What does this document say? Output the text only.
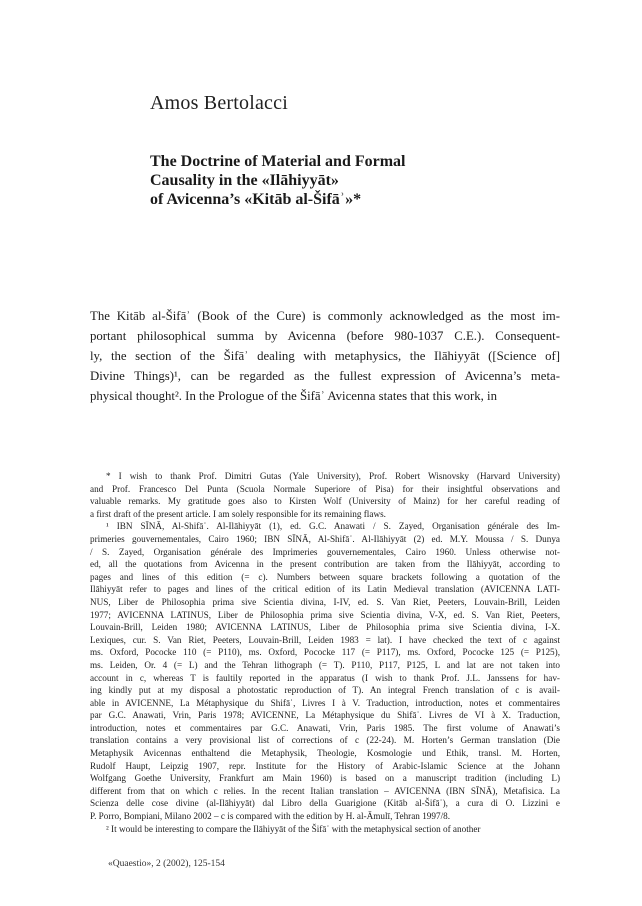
Amos Bertolacci
The Doctrine of Material and Formal
Causality in the «Ilāhiyyāt»
of Avicenna’s «Kitāb al-Šifāʾ»*
The Kitāb al-Šifāʾ (Book of the Cure) is commonly acknowledged as the most im-
portant philosophical summa by Avicenna (before 980-1037 C.E.). Consequent-
ly, the section of the Šifāʾ dealing with metaphysics, the Ilāhiyyāt ([Science of]
Divine Things)¹, can be regarded as the fullest expression of Avicenna’s meta-
physical thought². In the Prologue of the Šifāʾ Avicenna states that this work, in
* I wish to thank Prof. Dimitri Gutas (Yale University), Prof. Robert Wisnovsky (Harvard University)
and Prof. Francesco Del Punta (Scuola Normale Superiore of Pisa) for their insightful observations and
valuable remarks. My gratitude goes also to Kirsten Wolf (University of Mainz) for her careful reading of
a first draft of the present article. I am solely responsible for its remaining flaws.
¹ IBN SĪNĀ, Al-Shifāʾ. Al-Ilāhiyyāt (1), ed. G.C. Anawati / S. Zayed, Organisation générale des Im-
primeries gouvernementales, Cairo 1960; IBN SĪNĀ, Al-Shifāʾ. Al-Ilāhiyyāt (2) ed. M.Y. Moussa / S. Dunya
/ S. Zayed, Organisation générale des Imprimeries gouvernementales, Cairo 1960. Unless otherwise not-
ed, all the quotations from Avicenna in the present contribution are taken from the Ilāhiyyāt, according to
pages and lines of this edition (= c). Numbers between square brackets following a quotation of the
Ilāhiyyāt refer to pages and lines of the critical edition of its Latin Medieval translation (AVICENNA LATI-
NUS, Liber de Philosophia prima sive Scientia divina, I-IV, ed. S. Van Riet, Peeters, Louvain-Brill, Leiden
1977; AVICENNA LATINUS, Liber de Philosophia prima sive Scientia divina, V-X, ed. S. Van Riet, Peeters,
Louvain-Brill, Leiden 1980; AVICENNA LATINUS, Liber de Philosophia prima sive Scientia divina, I-X.
Lexiques, cur. S. Van Riet, Peeters, Louvain-Brill, Leiden 1983 = lat). I have checked the text of c against
ms. Oxford, Pococke 110 (= P110), ms. Oxford, Pococke 117 (= P117), ms. Oxford, Pococke 125 (= P125),
ms. Leiden, Or. 4 (= L) and the Tehran lithograph (= T). P110, P117, P125, L and lat are not taken into
account in c, whereas T is faultily reported in the apparatus (I wish to thank Prof. J.L. Janssens for hav-
ing kindly put at my disposal a photostatic reproduction of T). An integral French translation of c is avail-
able in AVICENNE, La Métaphysique du Shifāʾ, Livres I à V. Traduction, introduction, notes et commentaires
par G.C. Anawati, Vrin, Paris 1978; AVICENNE, La Métaphysique du Shifāʾ. Livres de VI à X. Traduction,
introduction, notes et commentaires par G.C. Anawati, Vrin, Paris 1985. The first volume of Anawati’s
translation contains a very provisional list of corrections of c (22-24). M. Horten’s German translation (Die
Metaphysik Avicennas enthaltend die Metaphysik, Theologie, Kosmologie und Ethik, transl. M. Horten,
Rudolf Haupt, Leipzig 1907, repr. Institute for the History of Arabic-Islamic Science at the Johann
Wolfgang Goethe University, Frankfurt am Main 1960) is based on a manuscript tradition (including L)
different from that on which c relies. In the recent Italian translation – AVICENNA (IBN SĪNĀ), Metafisica. La
Scienza delle cose divine (al-Ilāhiyyāt) dal Libro della Guarigione (Kitāb al-Šifāʾ), a cura di O. Lizzini e
P. Porro, Bompiani, Milano 2002 – c is compared with the edition by H. al-Āmulī, Tehran 1997/8.
² It would be interesting to compare the Ilāhiyyāt of the Šifāʾ with the metaphysical section of another
«Quaestio», 2 (2002), 125-154
